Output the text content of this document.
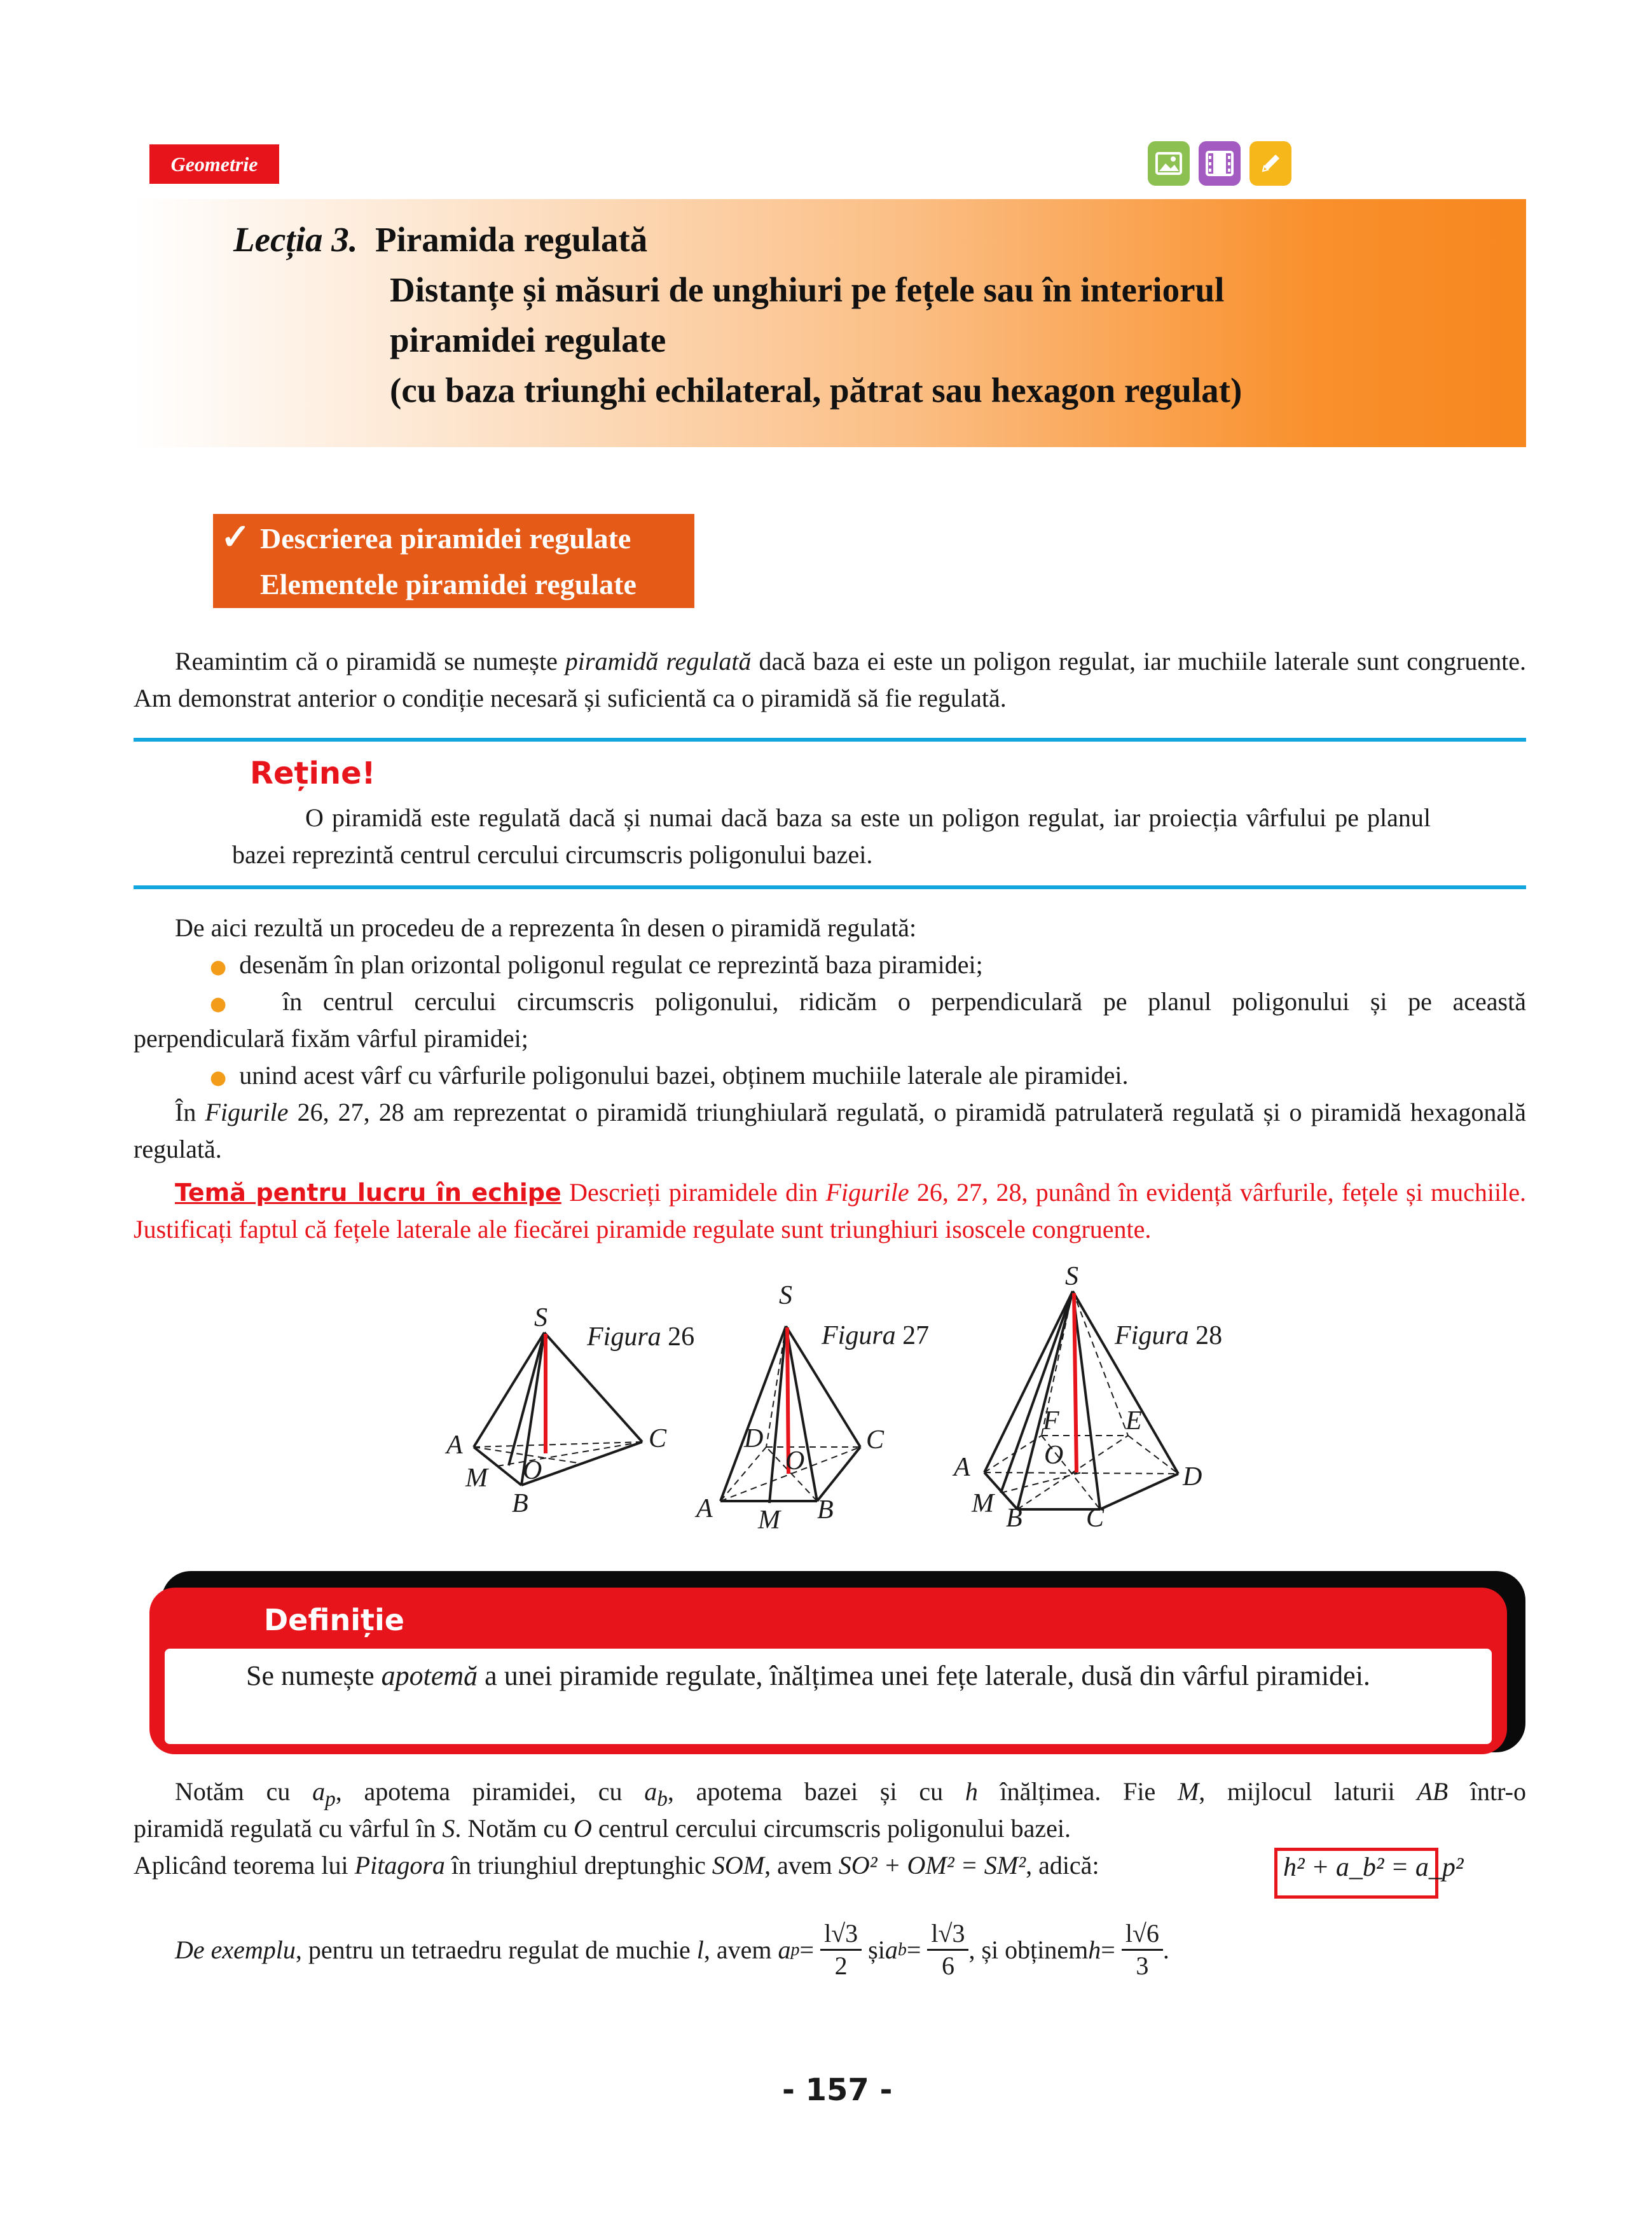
Geometrie
Lecția 3. Piramida regulată
Distanțe și măsuri de unghiuri pe fețele sau în interiorul
piramidei regulate
(cu baza triunghi echilateral, pătrat sau hexagon regulat)
✓ Descrierea piramidei regulate
Elementele piramidei regulate
Reamintim că o piramidă se numește piramidă regulată dacă baza ei este un poligon regulat, iar muchiile laterale sunt congruente. Am demonstrat anterior o condiție necesară și suficientă ca o piramidă să fie regulată.
Reține!
O piramidă este regulată dacă și numai dacă baza sa este un poligon regulat, iar proiecția vârfului pe planul bazei reprezintă centrul cercului circumscris poligonului bazei.
De aici rezultă un procedeu de a reprezenta în desen o piramidă regulată:
● desenăm în plan orizontal poligonul regulat ce reprezintă baza piramidei;
● în centrul cercului circumscris poligonului, ridicăm o perpendiculară pe planul poligonului și pe această
perpendiculară fixăm vârful piramidei;
● unind acest vârf cu vârfurile poligonului bazei, obținem muchiile laterale ale piramidei.
În Figurile 26, 27, 28 am reprezentat o piramidă triunghiulară regulată, o piramidă patrulateră regulată și o piramidă hexagonală regulată.
Temă pentru lucru în echipe Descrieți piramidele din Figurile 26, 27, 28, punând în evidență vârfurile, fețele și muchiile. Justificați faptul că fețele laterale ale fiecărei piramide regulate sunt triunghiuri isoscele congruente.
S
A	C
M O
B
S
D	C
O
A M B
S
F E
O
A	D
M B C
Figura 26	Figura 27	Figura 28
Definiție
Se numește apotemă a unei piramide regulate, înălțimea unei fețe laterale, dusă din vârful piramidei.
Notăm cu $a_p$, apotema piramidei, cu $a_b$, apotema bazei și cu h înălțimea. Fie M, mijlocul laturii AB într-o
piramidă regulată cu vârful în S. Notăm cu O centrul cercului circumscris poligonului bazei.
Aplicând teorema lui Pitagora în triunghiul dreptunghic SOM, avem SO² + OM² = SM², adică:	h² + a_b² = a_p²
De exemplu , pentru un tetraedru regulat de muchie
l , avem
a p =
$\frac{l√3}{2}$
și a b =
$\frac{l√3}{6}$ , și obținem h =
$\frac{l√6}{3}$ .
- 157 -
